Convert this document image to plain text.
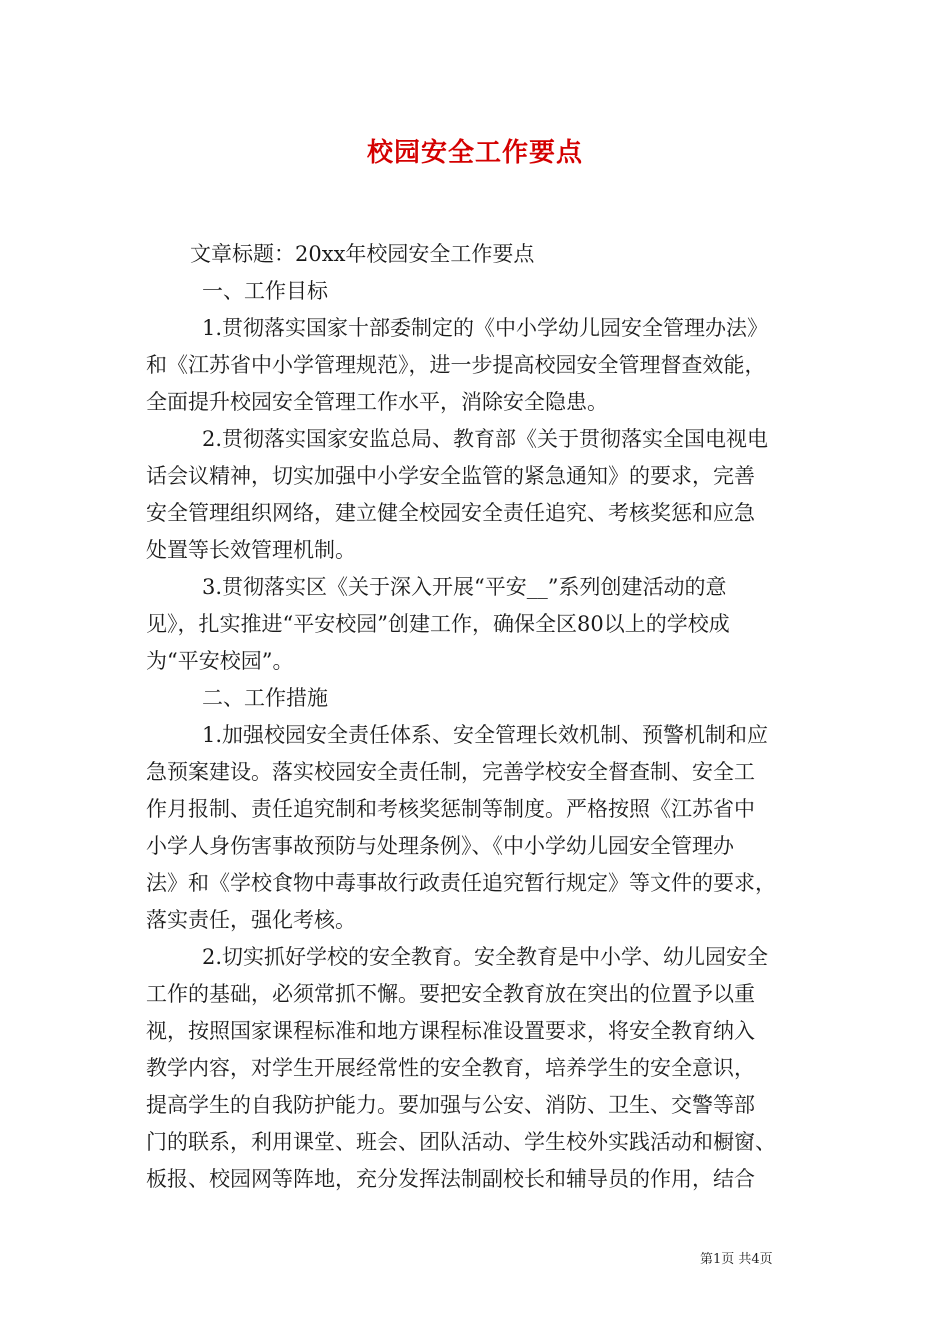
校园安全工作要点
文章标题：20xx年校园安全工作要点
一、工作目标
1.贯彻落实国家十部委制定的《中小学幼儿园安全管理办法》
和《江苏省中小学管理规范》，进一步提高校园安全管理督查效能，
全面提升校园安全管理工作水平，消除安全隐患。
2.贯彻落实国家安监总局、教育部《关于贯彻落实全国电视电
话会议精神，切实加强中小学安全监管的紧急通知》的要求，完善
安全管理组织网络，建立健全校园安全责任追究、考核奖惩和应急
处置等长效管理机制。
3.贯彻落实区《关于深入开展“平安__”系列创建活动的意
见》，扎实推进“平安校园”创建工作，确保全区80以上的学校成
为“平安校园”。
二、工作措施
1.加强校园安全责任体系、安全管理长效机制、预警机制和应
急预案建设。落实校园安全责任制，完善学校安全督查制、安全工
作月报制、责任追究制和考核奖惩制等制度。严格按照《江苏省中
小学人身伤害事故预防与处理条例》、《中小学幼儿园安全管理办
法》和《学校食物中毒事故行政责任追究暂行规定》等文件的要求，
落实责任，强化考核。
2.切实抓好学校的安全教育。安全教育是中小学、幼儿园安全
工作的基础，必须常抓不懈。要把安全教育放在突出的位置予以重
视，按照国家课程标准和地方课程标准设置要求，将安全教育纳入
教学内容，对学生开展经常性的安全教育，培养学生的安全意识，
提高学生的自我防护能力。要加强与公安、消防、卫生、交警等部
门的联系，利用课堂、班会、团队活动、学生校外实践活动和橱窗、
板报、校园网等阵地，充分发挥法制副校长和辅导员的作用，结合
第1页 共4页
